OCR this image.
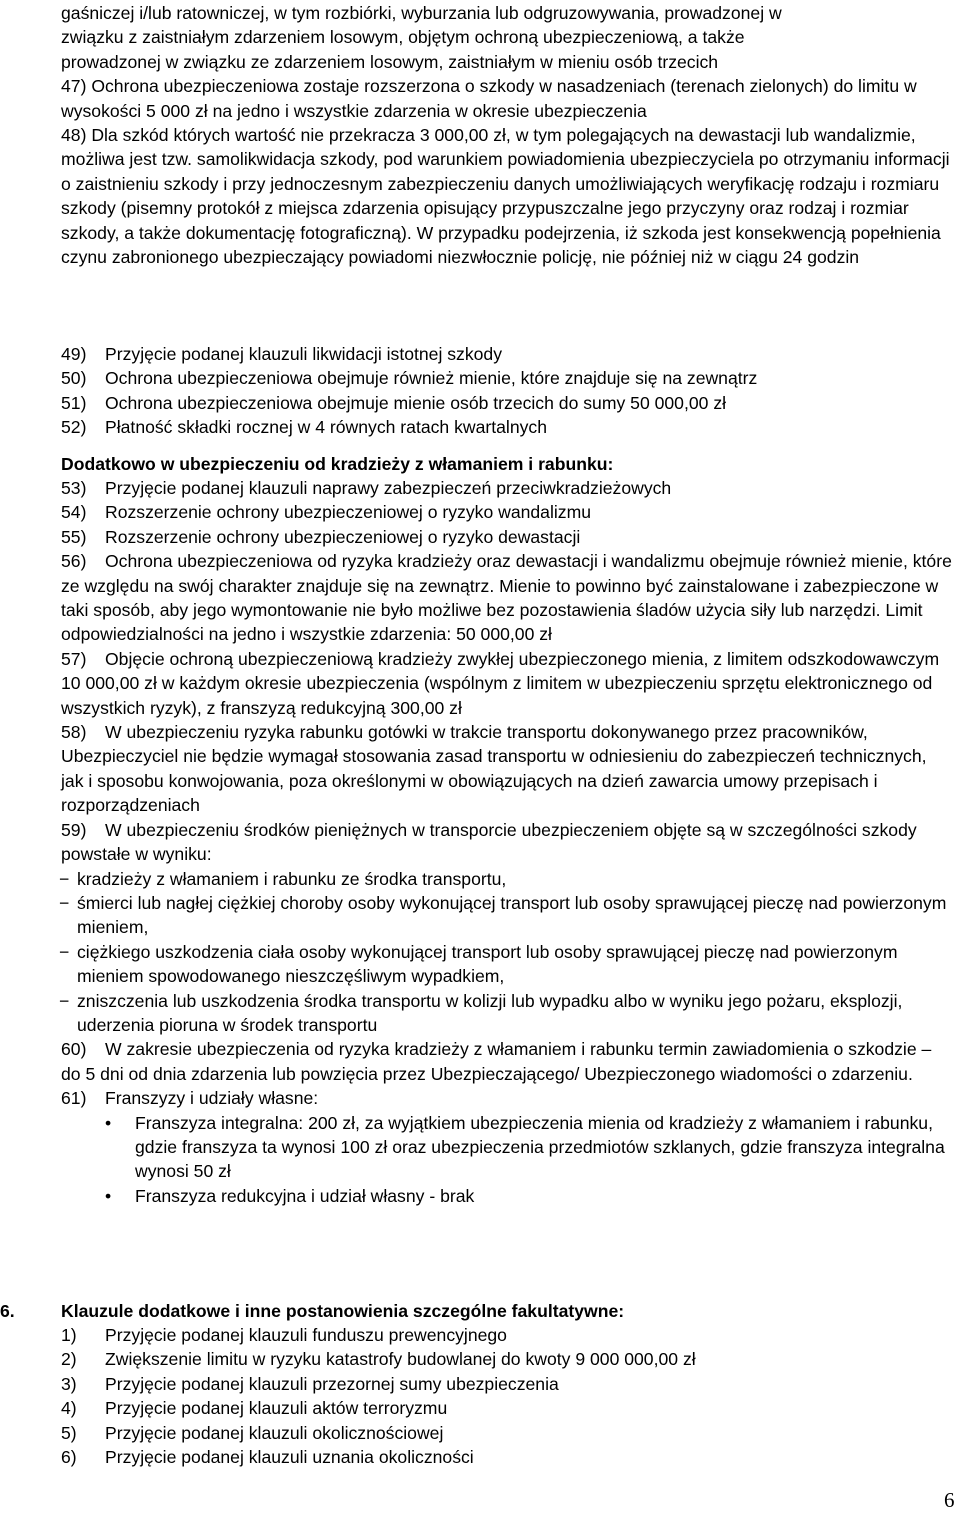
gaśniczej i/lub ratowniczej, w tym rozbiórki, wyburzania lub odgruzowywania, prowadzonej w

związku z zaistniałym zdarzeniem losowym, objętym ochroną ubezpieczeniową, a także

prowadzonej w związku ze zdarzeniem losowym, zaistniałym w mieniu osób trzecich

47) Ochrona ubezpieczeniowa zostaje rozszerzona o szkody w nasadzeniach (terenach zielonych) do limitu w wysokości 5 000 zł na jedno i wszystkie zdarzenia w okresie ubezpieczenia

48) Dla szkód których wartość nie przekracza 3 000,00 zł, w tym polegających na dewastacji lub wandalizmie, możliwa jest tzw. samolikwidacja szkody, pod warunkiem powiadomienia ubezpieczyciela po otrzymaniu informacji o zaistnieniu szkody i przy jednoczesnym zabezpieczeniu danych umożliwiających weryfikację rodzaju i rozmiaru szkody (pisemny protokół z miejsca zdarzenia opisujący przypuszczalne jego przyczyny oraz rodzaj i rozmiar szkody, a także dokumentację fotograficzną). W przypadku podejrzenia, iż szkoda jest konsekwencją popełnienia czynu zabronionego ubezpieczający powiadomi niezwłocznie policję, nie później niż w ciągu 24 godzin

49) Przyjęcie podanej klauzuli likwidacji istotnej szkody

50) Ochrona ubezpieczeniowa obejmuje również mienie, które znajduje się na zewnątrz

51) Ochrona ubezpieczeniowa obejmuje mienie osób trzecich do sumy 50 000,00 zł

52) Płatność składki rocznej w 4 równych ratach kwartalnych

Dodatkowo w ubezpieczeniu od kradzieży z włamaniem i rabunku:

53) Przyjęcie podanej klauzuli naprawy zabezpieczeń przeciwkradzieżowych

54) Rozszerzenie ochrony ubezpieczeniowej o ryzyko wandalizmu

55) Rozszerzenie ochrony ubezpieczeniowej o ryzyko dewastacji

56) Ochrona ubezpieczeniowa od ryzyka kradzieży oraz dewastacji i wandalizmu obejmuje również mienie, które ze względu na swój charakter znajduje się na zewnątrz. Mienie to powinno być zainstalowane i zabezpieczone w taki sposób, aby jego wymontowanie nie było możliwe bez pozostawienia śladów użycia siły lub narzędzi. Limit odpowiedzialności na jedno i wszystkie zdarzenia: 50 000,00 zł

57) Objęcie ochroną ubezpieczeniową kradzieży zwykłej ubezpieczonego mienia, z limitem odszkodowawczym 10 000,00 zł w każdym okresie ubezpieczenia (wspólnym z limitem w ubezpieczeniu sprzętu elektronicznego od wszystkich ryzyk), z franszyzą redukcyjną 300,00 zł

58) W ubezpieczeniu ryzyka rabunku gotówki w trakcie transportu dokonywanego przez pracowników, Ubezpieczyciel nie będzie wymagał stosowania zasad transportu w odniesieniu do zabezpieczeń technicznych, jak i sposobu konwojowania, poza określonymi w obowiązujących na dzień zawarcia umowy przepisach i rozporządzeniach

59) W ubezpieczeniu środków pieniężnych w transporcie ubezpieczeniem objęte są w szczególności szkody powstałe w wyniku:

− kradzieży z włamaniem i rabunku ze środka transportu,
− śmierci lub nagłej ciężkiej choroby osoby wykonującej transport lub osoby sprawującej pieczę nad powierzonym mieniem,
− ciężkiego uszkodzenia ciała osoby wykonującej transport lub osoby sprawującej pieczę nad powierzonym mieniem spowodowanego nieszczęśliwym wypadkiem,
− zniszczenia lub uszkodzenia środka transportu w kolizji lub wypadku albo w wyniku jego pożaru, eksplozji, uderzenia pioruna w środek transportu

60) W zakresie ubezpieczenia od ryzyka kradzieży z włamaniem i rabunku termin zawiadomienia o szkodzie – do 5 dni od dnia zdarzenia lub powzięcia przez Ubezpieczającego/ Ubezpieczonego wiadomości o zdarzeniu.

61) Franszyzy i udziały własne:

• Franszyza integralna: 200 zł, za wyjątkiem ubezpieczenia mienia od kradzieży z włamaniem i rabunku, gdzie franszyza ta wynosi 100 zł oraz ubezpieczenia przedmiotów szklanych, gdzie franszyza integralna wynosi 50 zł
• Franszyza redukcyjna i udział własny - brak
6.	Klauzule dodatkowe i inne postanowienia szczególne fakultatywne:

1) Przyjęcie podanej klauzuli funduszu prewencyjnego

2) Zwiększenie limitu w ryzyku katastrofy budowlanej do kwoty 9 000 000,00 zł

3) Przyjęcie podanej klauzuli przezornej sumy ubezpieczenia

4) Przyjęcie podanej klauzuli aktów terroryzmu

5) Przyjęcie podanej klauzuli okolicznościowej

6) Przyjęcie podanej klauzuli uznania okoliczności

6
